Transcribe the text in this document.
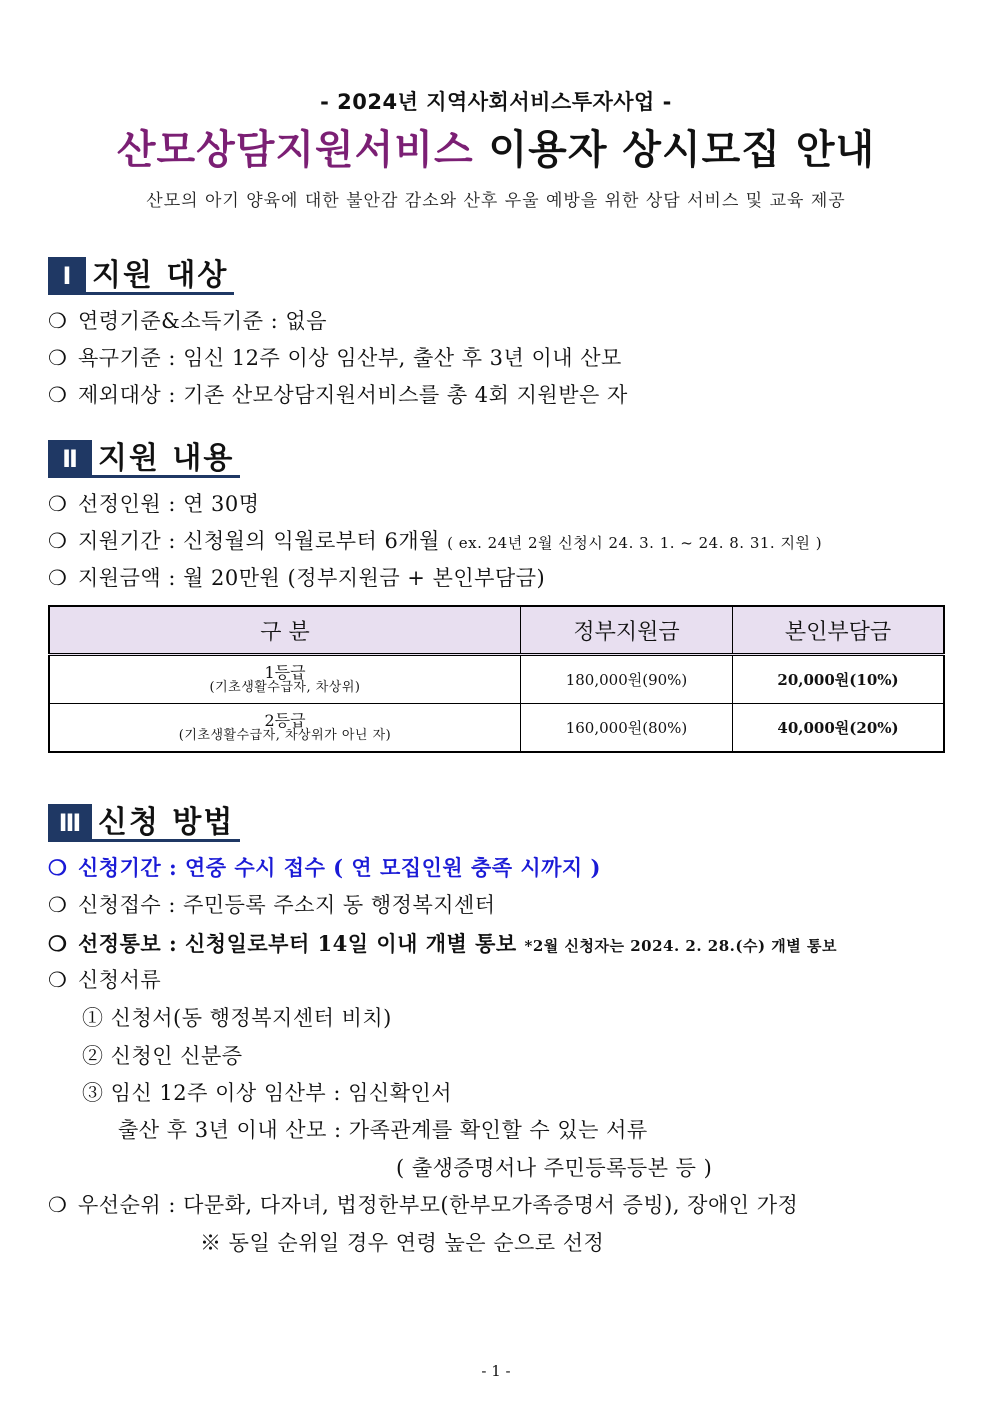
- 2024년 지역사회서비스투자사업 -
산모상담지원서비스 이용자 상시모집 안내
산모의 아기 양육에 대한 불안감 감소와 산후 우울 예방을 위한 상담 서비스 및 교육 제공
Ⅰ 지원 대상
❍ 연령기준&소득기준 : 없음
❍ 욕구기준 : 임신 12주 이상 임산부, 출산 후 3년 이내 산모
❍ 제외대상 : 기존 산모상담지원서비스를 총 4회 지원받은 자
Ⅱ 지원 내용
❍ 선정인원 : 연 30명
❍ 지원기간 : 신청월의 익월로부터 6개월 ( ex. 24년 2월 신청시 24. 3. 1. ~ 24. 8. 31. 지원 )
❍ 지원금액 : 월 20만원 (정부지원금 + 본인부담금)
구 분	정부지원금	본인부담금

1등급
(기초생활수급자, 차상위)	180,000원(90%)	20,000원(10%)

2등급
(기초생활수급자, 차상위가 아닌 자)	160,000원(80%)	40,000원(20%)
Ⅲ 신청 방법
❍ 신청기간 : 연중 수시 접수 ( 연 모집인원 충족 시까지 )
❍ 신청접수 : 주민등록 주소지 동 행정복지센터
❍ 선정통보 : 신청일로부터 14일 이내 개별 통보 *2월 신청자는 2024. 2. 28.(수) 개별 통보
❍ 신청서류
① 신청서(동 행정복지센터 비치)
② 신청인 신분증
③ 임신 12주 이상 임산부 : 임신확인서
출산 후 3년 이내 산모 : 가족관계를 확인할 수 있는 서류
( 출생증명서나 주민등록등본 등 )
❍ 우선순위 : 다문화, 다자녀, 법정한부모(한부모가족증명서 증빙), 장애인 가정
※ 동일 순위일 경우 연령 높은 순으로 선정
- 1 -
